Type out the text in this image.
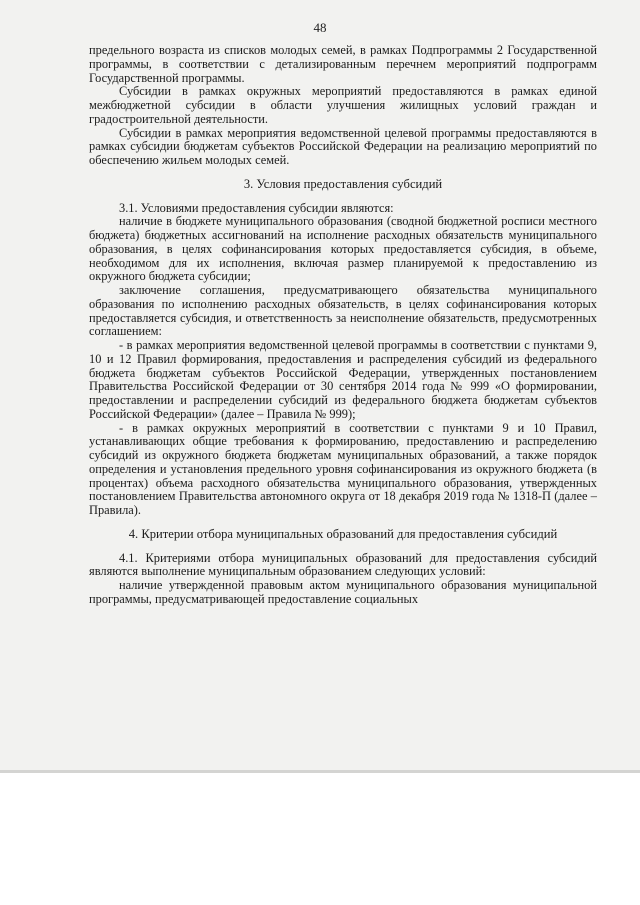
48

предельного возраста из списков молодых семей, в рамках Подпрограммы 2 Государственной программы, в соответствии с детализированным перечнем мероприятий подпрограмм Государственной программы.

Субсидии в рамках окружных мероприятий предоставляются в рамках единой межбюджетной субсидии в области улучшения жилищных условий граждан и градостроительной деятельности.

Субсидии в рамках мероприятия ведомственной целевой программы предоставляются в рамках субсидии бюджетам субъектов Российской Федерации на реализацию мероприятий по обеспечению жильем молодых семей.

3. Условия предоставления субсидий

3.1. Условиями предоставления субсидии являются:

наличие в бюджете муниципального образования (сводной бюджетной росписи местного бюджета) бюджетных ассигнований на исполнение расходных обязательств муниципального образования, в целях софинансирования которых предоставляется субсидия, в объеме, необходимом для их исполнения, включая размер планируемой к предоставлению из окружного бюджета субсидии;

заключение соглашения, предусматривающего обязательства муниципального образования по исполнению расходных обязательств, в целях софинансирования которых предоставляется субсидия, и ответственность за неисполнение обязательств, предусмотренных соглашением:

- в рамках мероприятия ведомственной целевой программы в соответствии с пунктами 9, 10 и 12 Правил формирования, предоставления и распределения субсидий из федерального бюджета бюджетам субъектов Российской Федерации, утвержденных постановлением Правительства Российской Федерации от 30 сентября 2014 года № 999 «О формировании, предоставлении и распределении субсидий из федерального бюджета бюджетам субъектов Российской Федерации» (далее – Правила № 999);

- в рамках окружных мероприятий в соответствии с пунктами 9 и 10 Правил, устанавливающих общие требования к формированию, предоставлению и распределению субсидий из окружного бюджета бюджетам муниципальных образований, а также порядок определения и установления предельного уровня софинансирования из окружного бюджета (в процентах) объема расходного обязательства муниципального образования, утвержденных постановлением Правительства автономного округа от 18 декабря 2019 года № 1318-П (далее – Правила).

4. Критерии отбора муниципальных образований для предоставления субсидий

4.1. Критериями отбора муниципальных образований для предоставления субсидий являются выполнение муниципальным образованием следующих условий:

наличие утвержденной правовым актом муниципального образования муниципальной программы, предусматривающей предоставление социальных
